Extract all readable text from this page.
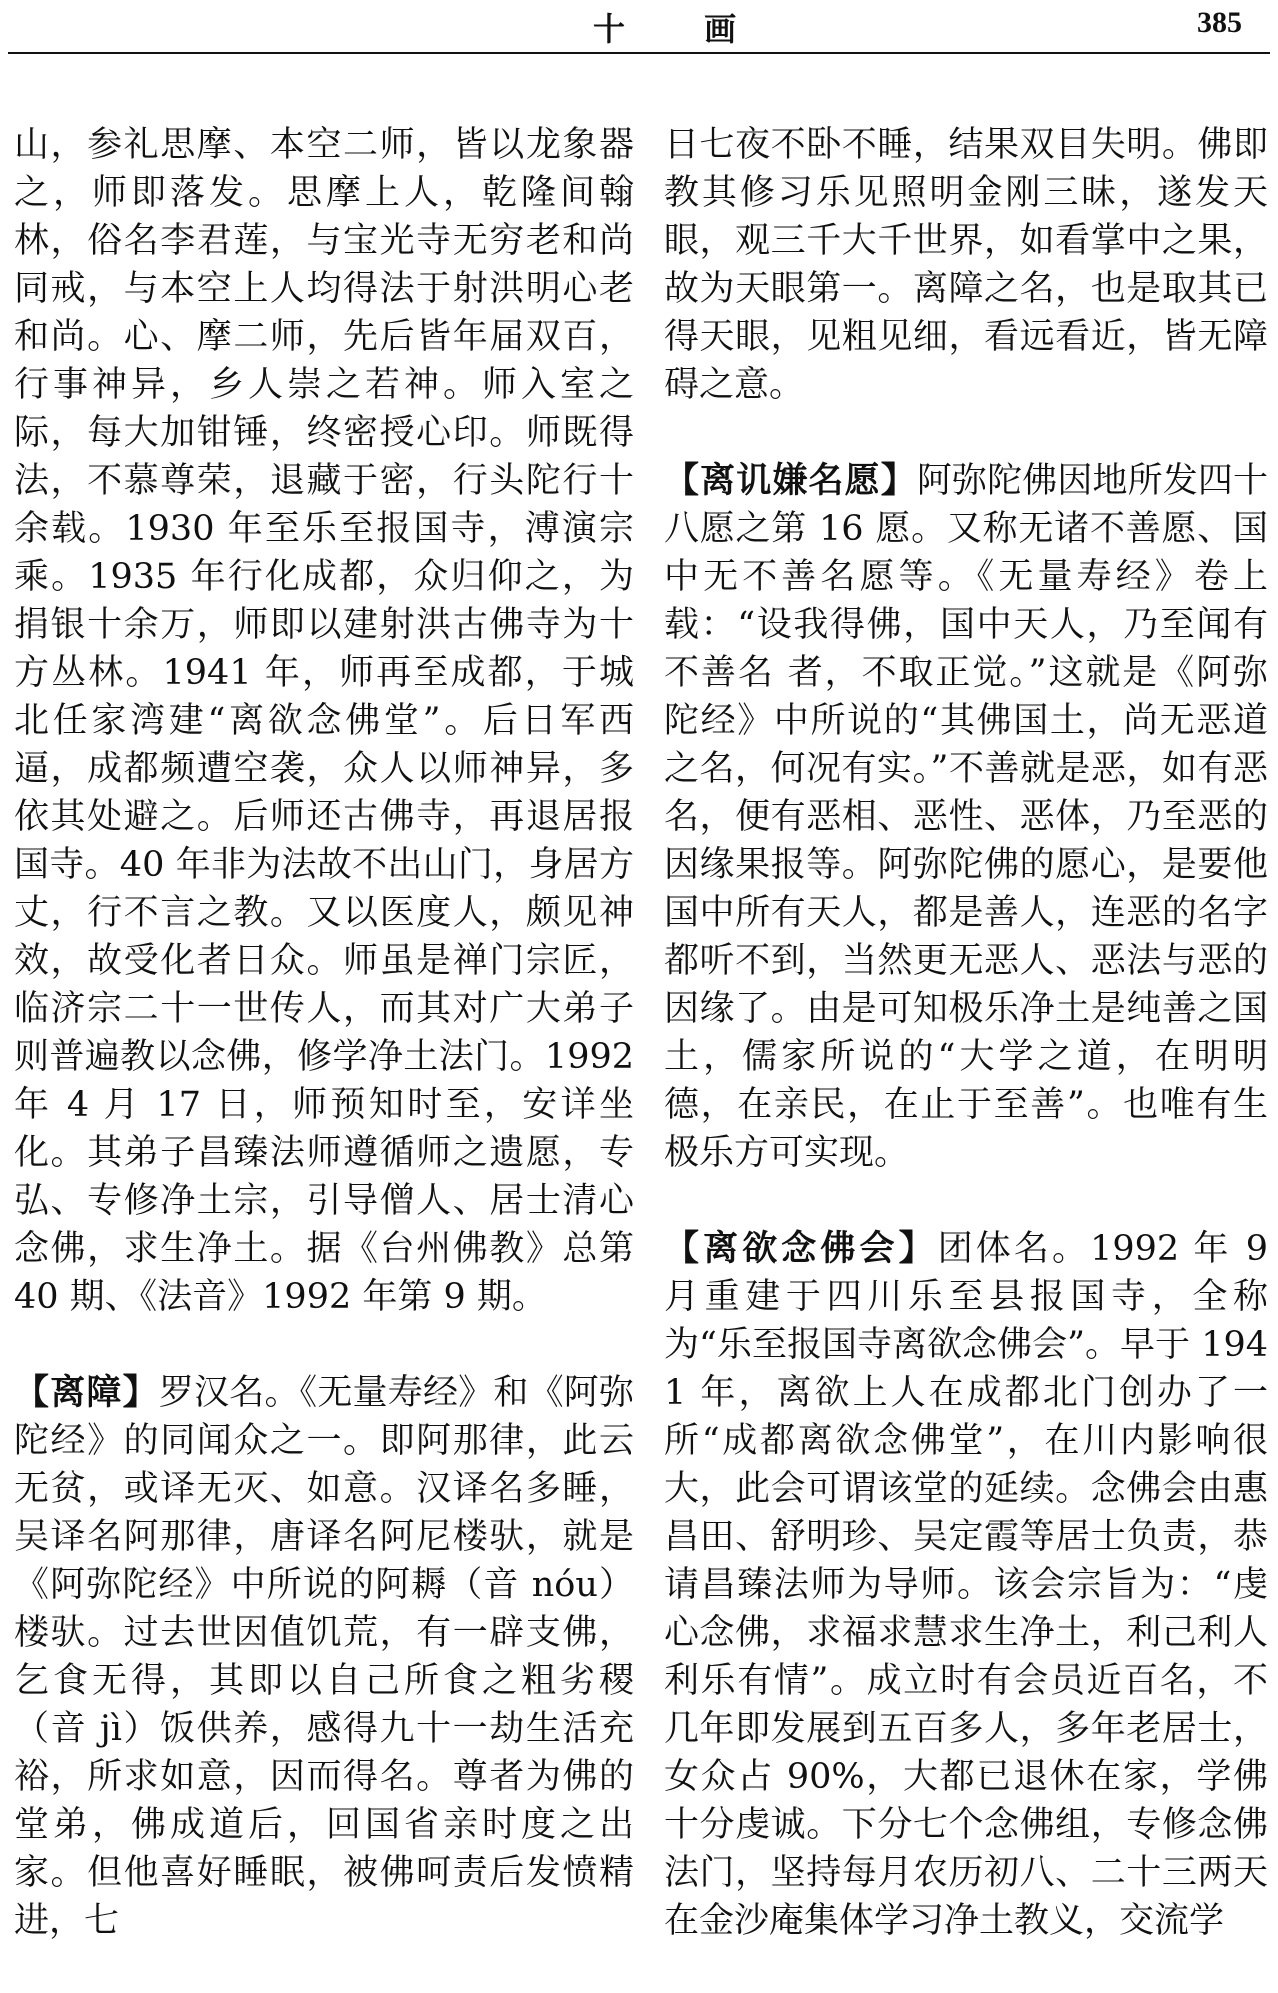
十 画	385

山，参礼思摩、本空二师，皆以龙象器之，师即落发。思摩上人，乾隆间翰林，俗名李君莲，与宝光寺无穷老和尚同戒，与本空上人均得法于射洪明心老和尚。心、摩二师，先后皆年届双百，行事神异，乡人崇之若神。师入室之际，每大加钳锤，终密授心印。师既得法，不慕尊荣，退藏于密，行头陀行十余载。1930 年至乐至报国寺，溥演宗乘。1935 年行化成都，众归仰之，为捐银十余万，师即以建射洪古佛寺为十方丛林。1941 年，师再至成都，于城北任家湾建“离欲念佛堂”。后日军西逼，成都频遭空袭，众人以师神异，多依其处避之。后师还古佛寺，再退居报国寺。40 年非为法故不出山门，身居方丈，行不言之教。又以医度人，颇见神效，故受化者日众。师虽是禅门宗匠，临济宗二十一世传人，而其对广大弟子则普遍教以念佛，修学净土法门。1992 年 4 月 17 日，师预知时至，安详坐化。其弟子昌臻法师遵循师之遗愿，专弘、专修净土宗，引导僧人、居士清心念佛，求生净土。据《台州佛教》总第 40 期、《法音》1992 年第 9 期。

【离障】罗汉名。《无量寿经》和《阿弥陀经》的同闻众之一。即阿那律，此云无贫，或译无灭、如意。汉译名多睡，吴译名阿那律，唐译名阿尼楼驮，就是《阿弥陀经》中所说的阿耨（音 nóu）楼驮。过去世因值饥荒，有一辟支佛，乞食无得，其即以自己所食之粗劣稷（音 jì）饭供养，感得九十一劫生活充裕，所求如意，因而得名。尊者为佛的堂弟，佛成道后，回国省亲时度之出家。但他喜好睡眠，被佛呵责后发愤精进，七

日七夜不卧不睡，结果双目失明。佛即教其修习乐见照明金刚三昧，遂发天眼，观三千大千世界，如看掌中之果，故为天眼第一。离障之名，也是取其已得天眼，见粗见细，看远看近，皆无障碍之意。

【离讥嫌名愿】阿弥陀佛因地所发四十八愿之第 16 愿。又称无诸不善愿、国中无不善名愿等。《无量寿经》卷上载：“设我得佛，国中天人，乃至闻有不善名 者，不取正觉。”这就是《阿弥陀经》中所说的“其佛国土，尚无恶道之名，何况有实。”不善就是恶，如有恶名，便有恶相、恶性、恶体，乃至恶的因缘果报等。阿弥陀佛的愿心，是要他国中所有天人，都是善人，连恶的名字都听不到，当然更无恶人、恶法与恶的因缘了。由是可知极乐净土是纯善之国土，儒家所说的“大学之道，在明明德，在亲民，在止于至善”。也唯有生极乐方可实现。

【离欲念佛会】团体名。1992 年 9 月重建于四川乐至县报国寺，全称为“乐至报国寺离欲念佛会”。早于 1941 年，离欲上人在成都北门创办了一所“成都离欲念佛堂”，在川内影响很大，此会可谓该堂的延续。念佛会由惠昌田、舒明珍、吴定霞等居士负责，恭请昌臻法师为导师。该会宗旨为：“虔心念佛，求福求慧求生净土，利己利人利乐有情”。成立时有会员近百名，不几年即发展到五百多人，多年老居士，女众占 90%，大都已退休在家，学佛十分虔诚。下分七个念佛组，专修念佛法门，坚持每月农历初八、二十三两天在金沙庵集体学习净土教义，交流学
